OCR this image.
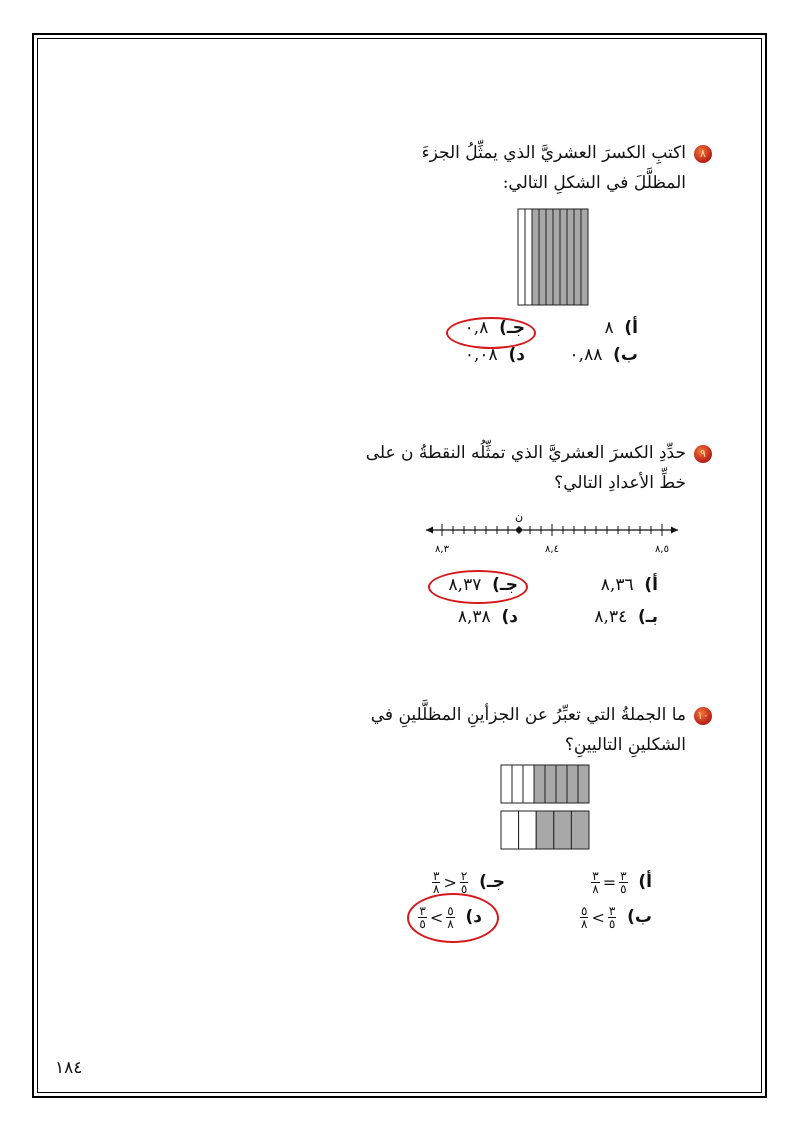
٨اكتبِ الكسرَ العشريَّ الذي يمثِّلُ الجزءَ
المظلَّلَ في الشكلِ التالي:
أ)  ٨
ب)  ٠,٨٨
جـ)  ٠,٨
د)  ٠,٠٨
٩حدِّدِ الكسرَ العشريَّ الذي تمثِّلُه النقطةُ ن على
خطِّ الأعدادِ التالي؟
ن
٨,٣	٨,٤	٨,٥
أ)  ٨,٣٦
بـ)  ٨,٣٤
جـ)  ٨,٣٧
د)  ٨,٣٨
١٠ما الجملةُ التي تعبِّرُ عن الجزأينِ المظلَّلينِ في
الشكلينِ التاليينِ؟
أ)
$\frac{٣}{٨} = \frac{٣}{٥}$
ب)
$\frac{٥}{٨} < \frac{٣}{٥}$
جـ)
$\frac{٣}{٨} > \frac{٢}{٥}$
د)
$\frac{٣}{٥} < \frac{٥}{٨}$
١٨٤
